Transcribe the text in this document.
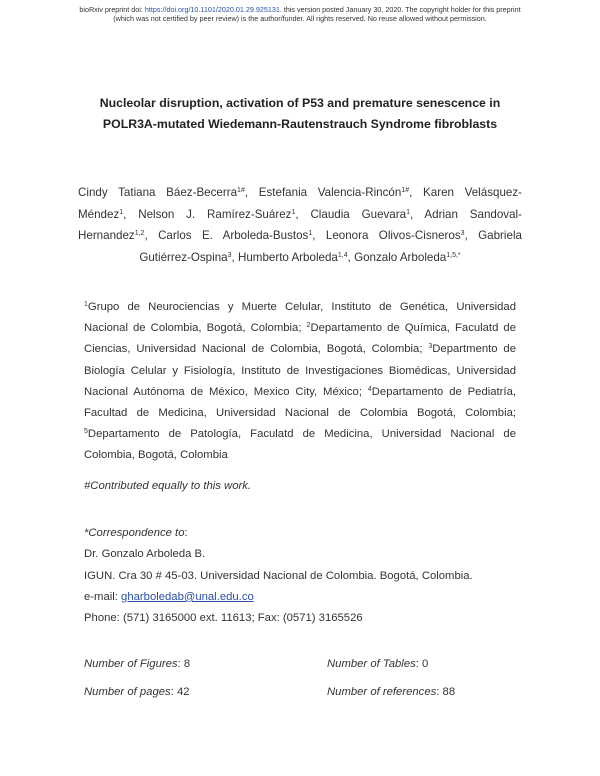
bioRxiv preprint doi: https://doi.org/10.1101/2020.01.29.925131. this version posted January 30, 2020. The copyright holder for this preprint
(which was not certified by peer review) is the author/funder. All rights reserved. No reuse allowed without permission.
Nucleolar disruption, activation of P53 and premature senescence in
POLR3A-mutated Wiedemann-Rautenstrauch Syndrome fibroblasts
Cindy Tatiana Báez-Becerra$^{1\#}$, Estefania Valencia-Rincón$^{1\#}$, Karen Velásquez-Méndez$^1$, Nelson J. Ramírez-Suárez$^1$, Claudia Guevara$^1$, Adrian Sandoval-Hernandez$^{1,2}$, Carlos E. Arboleda-Bustos$^1$, Leonora Olivos-Cisneros$^3$, Gabriela Gutiérrez-Ospina$^3$, Humberto Arboleda$^{1,4}$, Gonzalo Arboleda$^{1,5,*}$
$^1$Grupo de Neurociencias y Muerte Celular, Instituto de Genética, Universidad Nacional de Colombia, Bogotá, Colombia; $^2$Departamento de Química, Faculatd de Ciencias, Universidad Nacional de Colombia, Bogotá, Colombia; $^3$Departmento de Biología Celular y Fisiología, Instituto de Investigaciones Biomédicas, Universidad Nacional Autónoma de México, Mexico City, México; $^4$Departamento de Pediatría, Facultad de Medicina, Universidad Nacional de Colombia Bogotá, Colombia; $^5$Departamento de Patología, Faculatd de Medicina, Universidad Nacional de Colombia, Bogotá, Colombia
#Contributed equally to this work.
*Correspondence to:
Dr. Gonzalo Arboleda B.
IGUN. Cra 30 # 45-03. Universidad Nacional de Colombia. Bogotá, Colombia.
e-mail: gharboledab@unal.edu.co
Phone: (571) 3165000 ext. 11613; Fax: (0571) 3165526
Number of Figures: 8	Number of Tables: 0
Number of pages: 42	Number of references: 88
